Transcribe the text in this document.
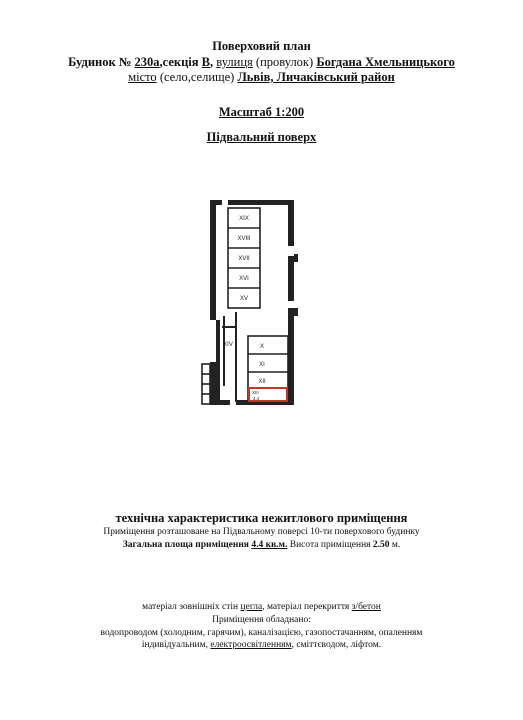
Поверховий план
Будинок № 230а,секція В, вулиця (провулок) Богдана Хмельницького
місто (село,селище) Львів, Личаківський район
Масштаб 1:200
Підвальний поверх
XIX
XVIII
XVII
XVI
XV
XIV	X
XI
XII
XIII
4.4
технічна характеристика нежитлового приміщення
Приміщення розташоване на Підвальному поверсі 10-ти поверхового будинку
Загальна площа приміщення 4.4 кв.м. Висота приміщення 2.50 м.
матеріал зовнішніх стін цегла, матеріал перекриття з/бетон
Приміщення обладнано:
водопроводом (холодним, гарячим), каналізацією, газопостачанням, опаленням
індивідуальним, електроосвітленням, сміттєводом, ліфтом.
